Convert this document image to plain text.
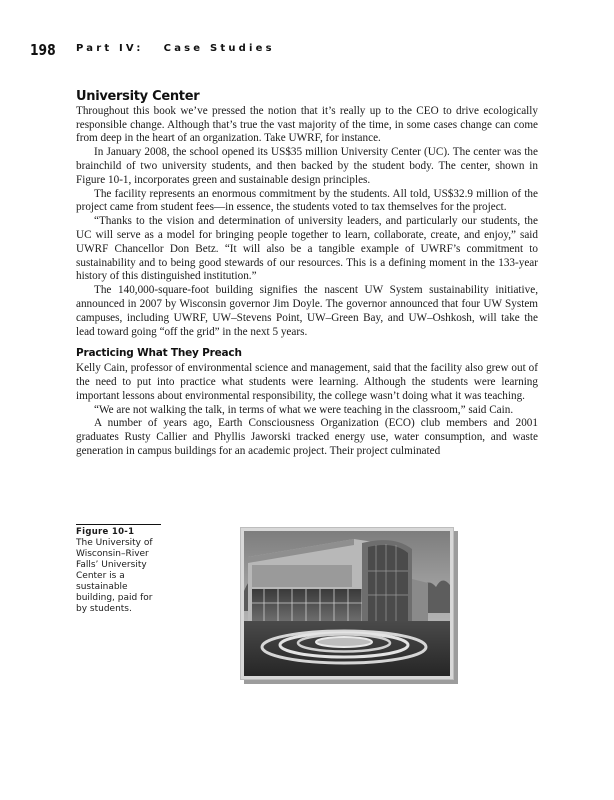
198 Part IV: Case Studies
University Center

Throughout this book we’ve pressed the notion that it’s really up to the CEO to drive ecologically responsible change. Although that’s true the vast majority of the time, in some cases change can come from deep in the heart of an organization. Take UWRF, for instance.

In January 2008, the school opened its US$35 million University Center (UC). The center was the brainchild of two university students, and then backed by the student body. The center, shown in Figure 10-1, incorporates green and sustainable design principles.

The facility represents an enormous commitment by the students. All told, US$32.9 million of the project came from student fees—in essence, the students voted to tax themselves for the project.

“Thanks to the vision and determination of university leaders, and particularly our students, the UC will serve as a model for bringing people together to learn, collaborate, create, and enjoy,” said UWRF Chancellor Don Betz. “It will also be a tangible example of UWRF’s commitment to sustainability and to being good stewards of our resources. This is a defining moment in the 133-year history of this distinguished institution.”

The 140,000-square-foot building signifies the nascent UW System sustainability initiative, announced in 2007 by Wisconsin governor Jim Doyle. The governor announced that four UW System campuses, including UWRF, UW–Stevens Point, UW–Green Bay, and UW–Oshkosh, will take the lead toward going “off the grid” in the next 5 years.

Practicing What They Preach

Kelly Cain, professor of environmental science and management, said that the facility also grew out of the need to put into practice what students were learning. Although the students were learning important lessons about environmental responsibility, the college wasn’t doing what it was teaching.

“We are not walking the talk, in terms of what we were teaching in the classroom,” said Cain.

A number of years ago, Earth Consciousness Organization (ECO) club members and 2001 graduates Rusty Callier and Phyllis Jaworski tracked energy use, water consumption, and waste generation in campus buildings for an academic project. Their project culminated

Figure 10-1
The University of Wisconsin–River Falls’ University Center is a sustainable building, paid for by students.
